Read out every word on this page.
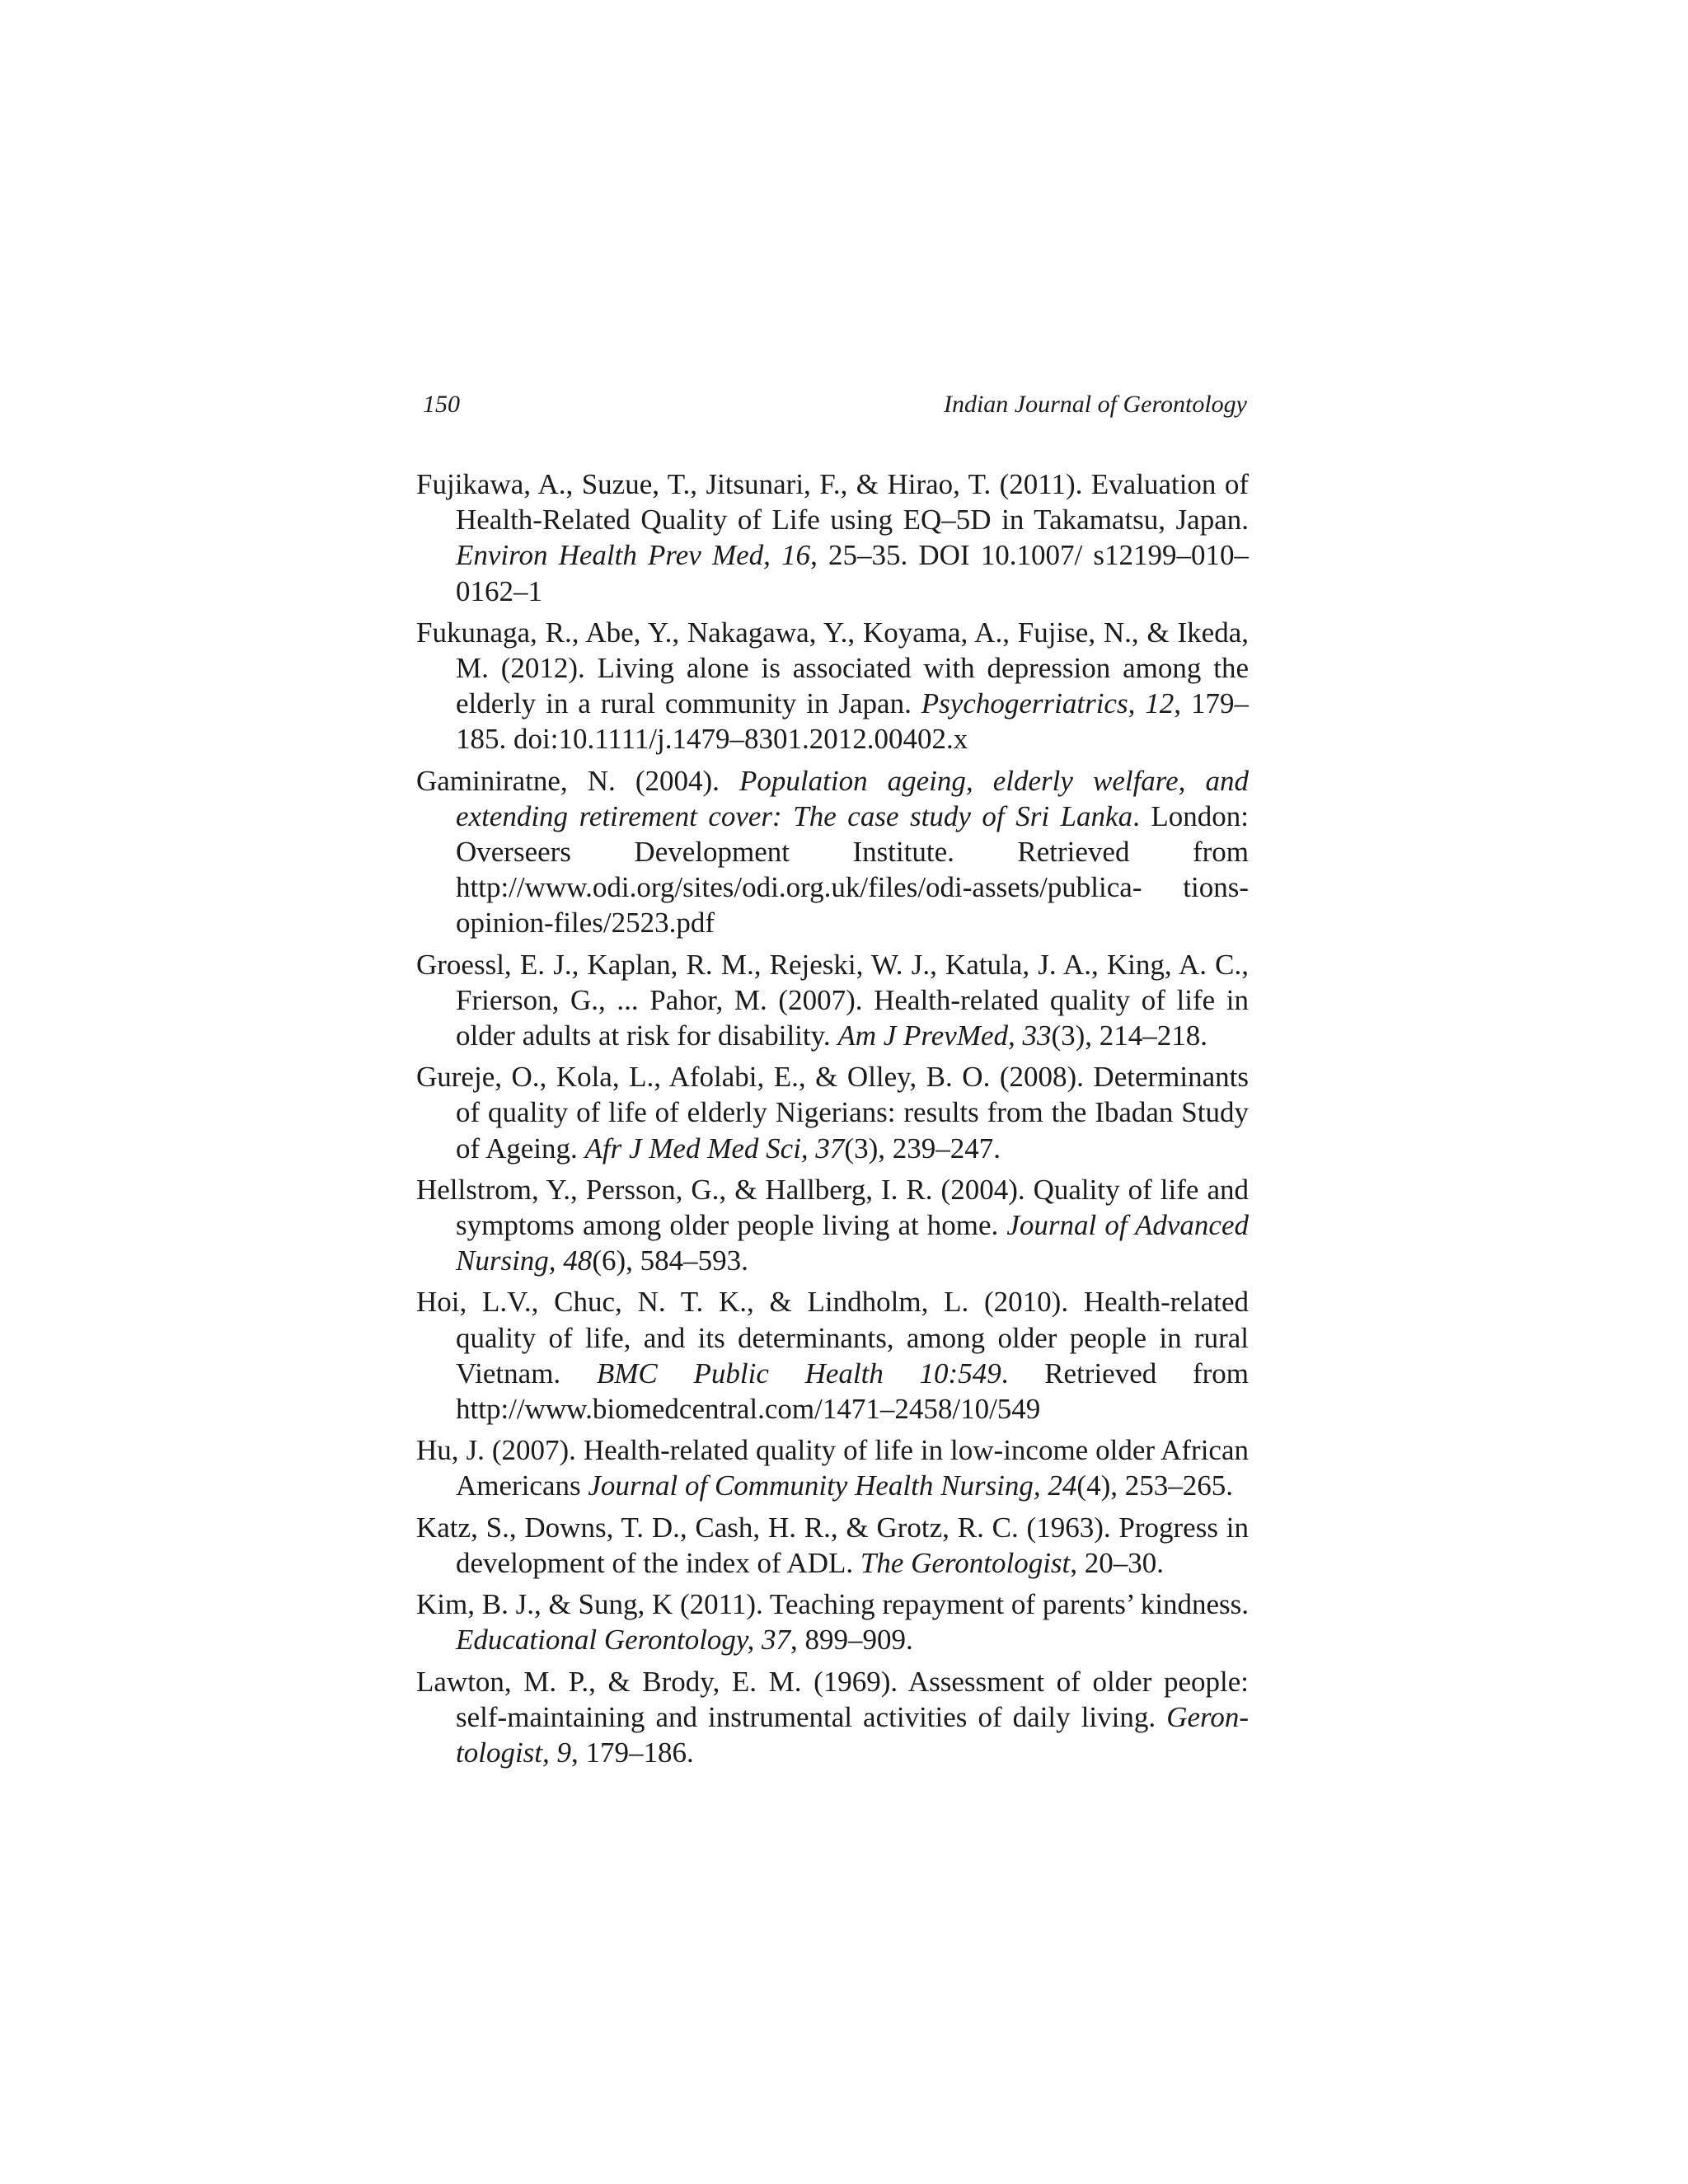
150	Indian Journal of Gerontology

Fujikawa, A., Suzue, T., Jitsunari, F., & Hirao, T. (2011). Evaluation of Health-Related Quality of Life using EQ–5D in Takamatsu, Japan. Environ Health Prev Med, 16, 25–35. DOI 10.1007/ s12199–010–0162–1

Fukunaga, R., Abe, Y., Nakagawa, Y., Koyama, A., Fujise, N., & Ikeda, M. (2012). Living alone is associated with depression among the elderly in a rural community in Japan. Psychogerriatrics, 12, 179–185. doi:10.1111/j.1479–8301.2012.00402.x

Gaminiratne, N. (2004). Population ageing, elderly welfare, and extending retirement cover: The case study of Sri Lanka. London: Overseers Development Institute. Retrieved from http://www.odi.org/sites/odi.org.uk/files/odi-assets/publica- tions-opinion-files/2523.pdf

Groessl, E. J., Kaplan, R. M., Rejeski, W. J., Katula, J. A., King, A. C., Frierson, G., ... Pahor, M. (2007). Health-related quality of life in older adults at risk for disability. Am J PrevMed, 33(3), 214–218.

Gureje, O., Kola, L., Afolabi, E., & Olley, B. O. (2008). Determinants of quality of life of elderly Nigerians: results from the Ibadan Study of Ageing. Afr J Med Med Sci, 37(3), 239–247.

Hellstrom, Y., Persson, G., & Hallberg, I. R. (2004). Quality of life and symptoms among older people living at home. Journal of Advanced Nursing, 48(6), 584–593.

Hoi, L.V., Chuc, N. T. K., & Lindholm, L. (2010). Health-related quality of life, and its determinants, among older people in rural Vietnam. BMC Public Health 10:549. Retrieved from http://www.biomedcentral.com/1471–2458/10/549

Hu, J. (2007). Health-related quality of life in low-income older African Americans Journal of Community Health Nursing, 24(4), 253–265.

Katz, S., Downs, T. D., Cash, H. R., & Grotz, R. C. (1963). Progress in development of the index of ADL. The Gerontologist, 20–30.

Kim, B. J., & Sung, K (2011). Teaching repayment of parents’ kindness. Educational Gerontology, 37, 899–909.

Lawton, M. P., & Brody, E. M. (1969). Assessment of older people: self-maintaining and instrumental activities of daily living. Geron- tologist, 9, 179–186.
